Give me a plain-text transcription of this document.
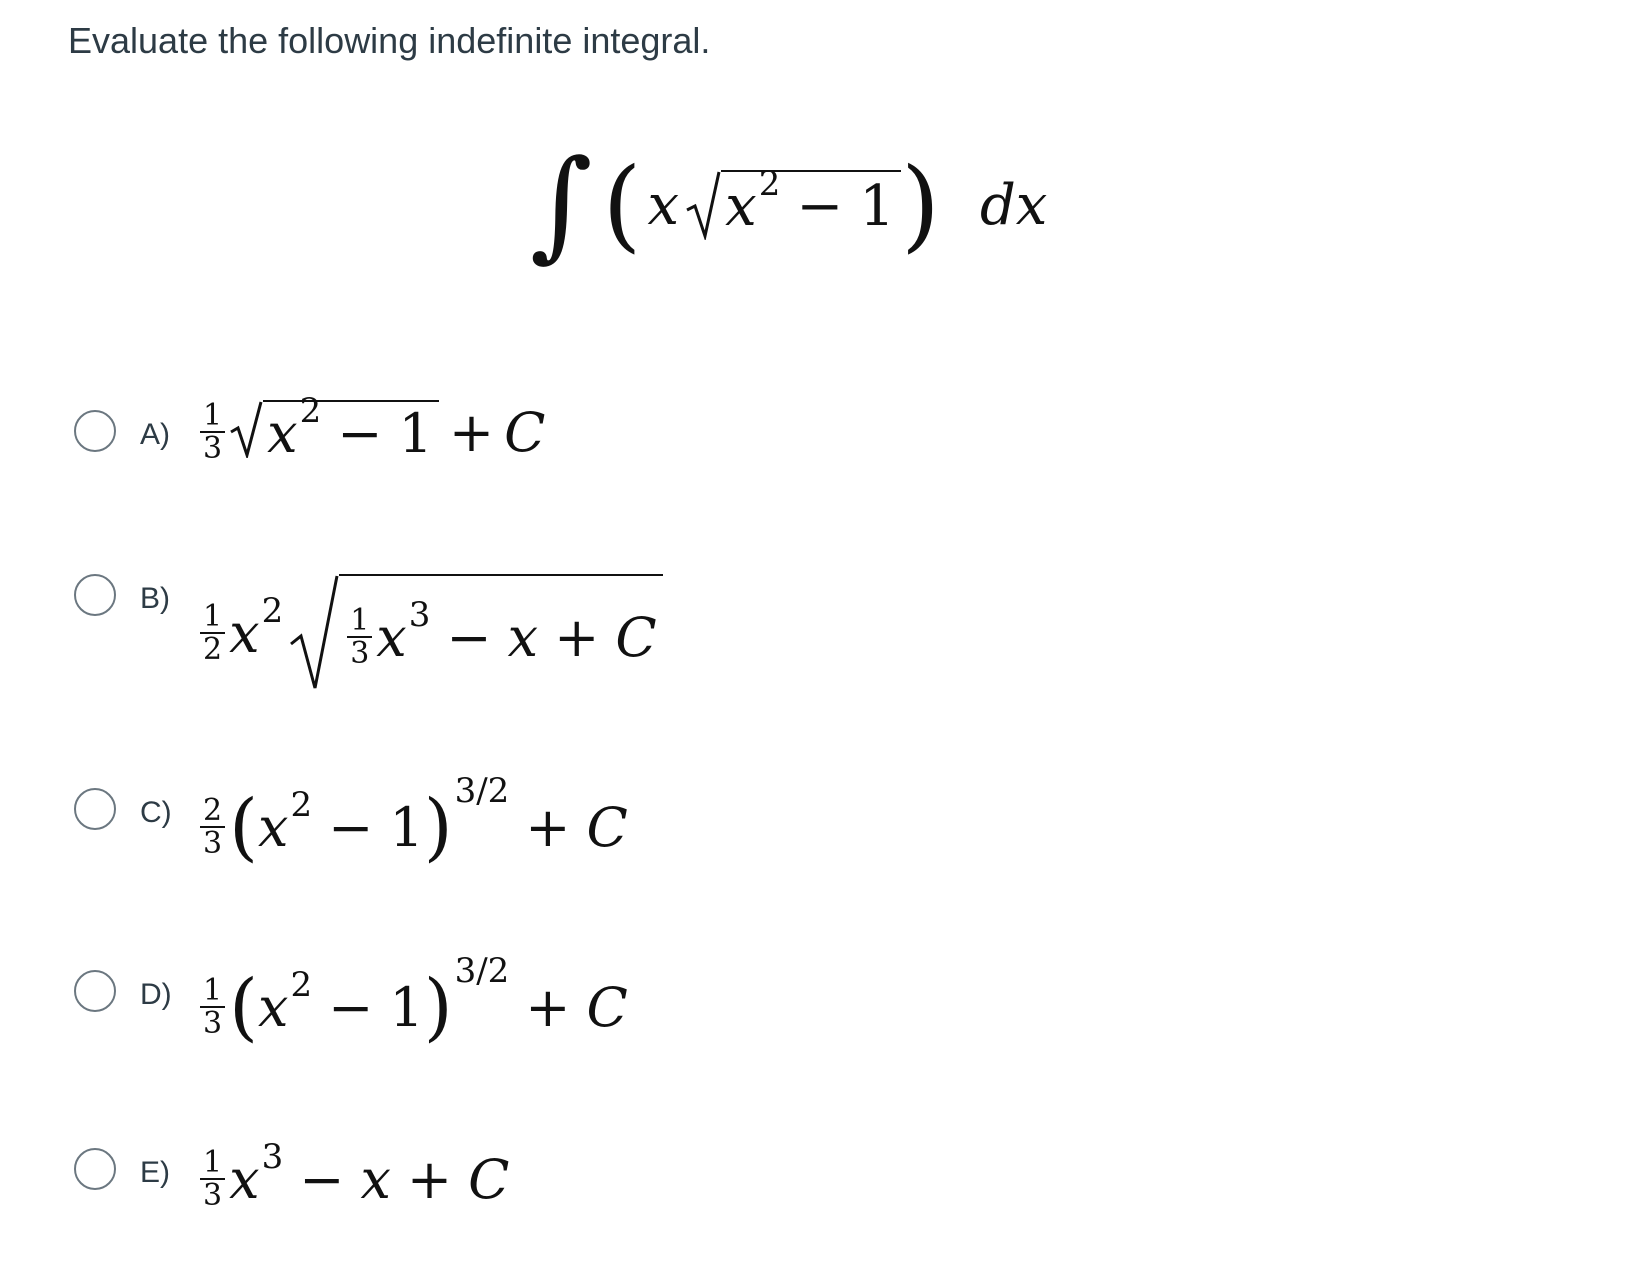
Evaluate the following indefinite integral.
∫ ( x x 2 − 1 ) dx
$A) \frac{1}{3}$ x 2 − 1 + C
B)
$\frac{1}{2}$ x $2 \frac{1}{3}$ x 3 − x + C
$C) \frac{2}{3}$ ( x 2 − 1 ) 3/2
+ C
$D) \frac{1}{3}$ ( x 2 − 1 ) 3/2
+ C
$E) \frac{1}{3}$ x 3 − x + C
